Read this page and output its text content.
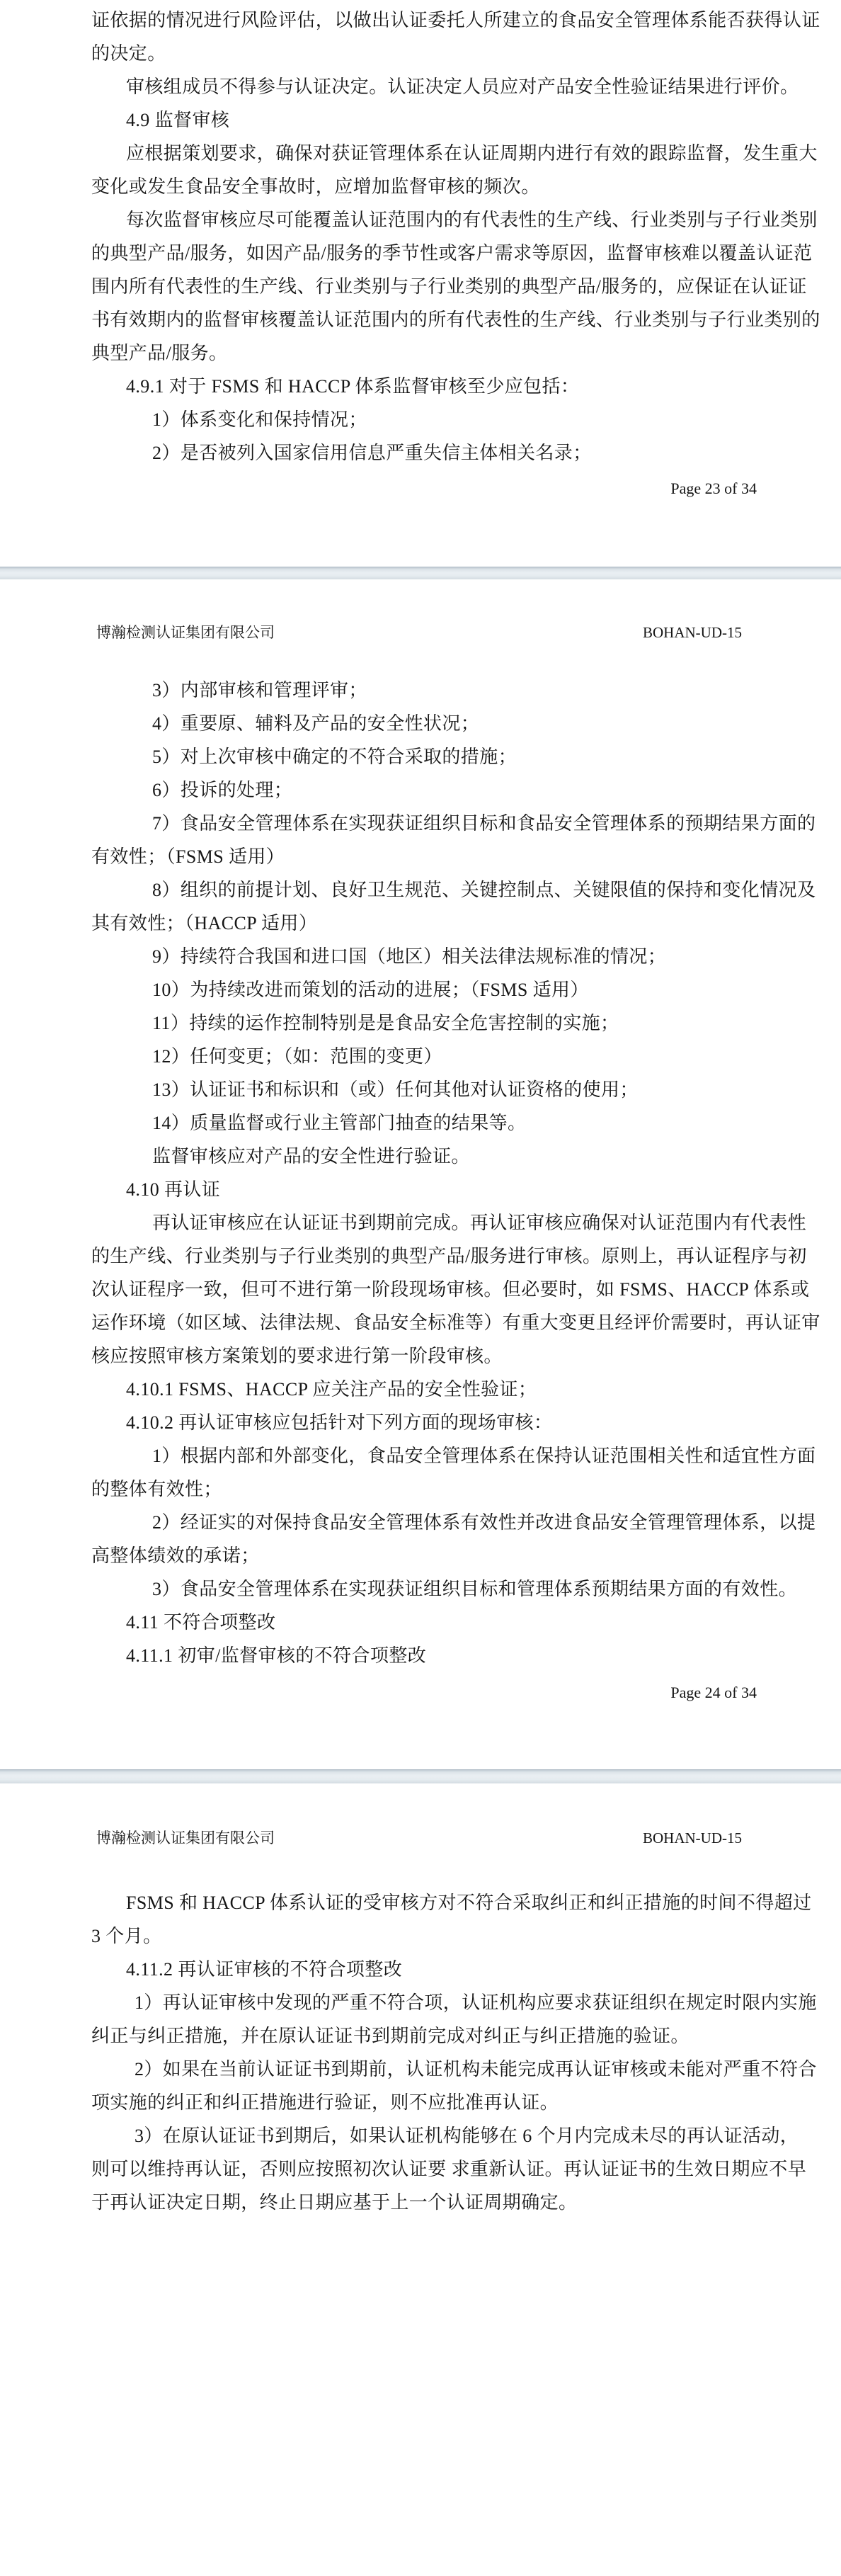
证依据的情况进行风险评估，以做出认证委托人所建立的食品安全管理体系能否获得认证
的决定。
审核组成员不得参与认证决定。认证决定人员应对产品安全性验证结果进行评价。
4.9 监督审核
应根据策划要求，确保对获证管理体系在认证周期内进行有效的跟踪监督，发生重大
变化或发生食品安全事故时，应增加监督审核的频次。
每次监督审核应尽可能覆盖认证范围内的有代表性的生产线、行业类别与子行业类别
的典型产品/服务，如因产品/服务的季节性或客户需求等原因，监督审核难以覆盖认证范
围内所有代表性的生产线、行业类别与子行业类别的典型产品/服务的，应保证在认证证
书有效期内的监督审核覆盖认证范围内的所有代表性的生产线、行业类别与子行业类别的
典型产品/服务。
4.9.1 对于 FSMS 和 HACCP 体系监督审核至少应包括：
1）体系变化和保持情况；
2）是否被列入国家信用信息严重失信主体相关名录；
Page 23 of 34
博瀚检测认证集团有限公司	BOHAN-UD-15
3）内部审核和管理评审；
4）重要原、辅料及产品的安全性状况；
5）对上次审核中确定的不符合采取的措施；
6）投诉的处理；
7）食品安全管理体系在实现获证组织目标和食品安全管理体系的预期结果方面的
有效性；（FSMS 适用）
8）组织的前提计划、良好卫生规范、关键控制点、关键限值的保持和变化情况及
其有效性；（HACCP 适用）
9）持续符合我国和进口国（地区）相关法律法规标准的情况；
10）为持续改进而策划的活动的进展；（FSMS 适用）
11）持续的运作控制特别是是食品安全危害控制的实施；
12）任何变更；（如：范围的变更）
13）认证证书和标识和（或）任何其他对认证资格的使用；
14）质量监督或行业主管部门抽查的结果等。
监督审核应对产品的安全性进行验证。
4.10 再认证
再认证审核应在认证证书到期前完成。再认证审核应确保对认证范围内有代表性
的生产线、行业类别与子行业类别的典型产品/服务进行审核。原则上，再认证程序与初
次认证程序一致，但可不进行第一阶段现场审核。但必要时，如 FSMS、HACCP 体系或
运作环境（如区域、法律法规、食品安全标准等）有重大变更且经评价需要时，再认证审
核应按照审核方案策划的要求进行第一阶段审核。
4.10.1 FSMS、HACCP 应关注产品的安全性验证；
4.10.2 再认证审核应包括针对下列方面的现场审核：
1）根据内部和外部变化，食品安全管理体系在保持认证范围相关性和适宜性方面
的整体有效性；
2）经证实的对保持食品安全管理体系有效性并改进食品安全管理管理体系，以提
高整体绩效的承诺；
3）食品安全管理体系在实现获证组织目标和管理体系预期结果方面的有效性。
4.11 不符合项整改
4.11.1 初审/监督审核的不符合项整改
Page 24 of 34
博瀚检测认证集团有限公司	BOHAN-UD-15
FSMS 和 HACCP 体系认证的受审核方对不符合采取纠正和纠正措施的时间不得超过
3 个月。
4.11.2 再认证审核的不符合项整改
1）再认证审核中发现的严重不符合项，认证机构应要求获证组织在规定时限内实施
纠正与纠正措施，并在原认证证书到期前完成对纠正与纠正措施的验证。
2）如果在当前认证证书到期前，认证机构未能完成再认证审核或未能对严重不符合
项实施的纠正和纠正措施进行验证，则不应批准再认证。
3）在原认证证书到期后，如果认证机构能够在 6 个月内完成未尽的再认证活动，
则可以维持再认证，否则应按照初次认证要 求重新认证。再认证证书的生效日期应不早
于再认证决定日期，终止日期应基于上一个认证周期确定。
